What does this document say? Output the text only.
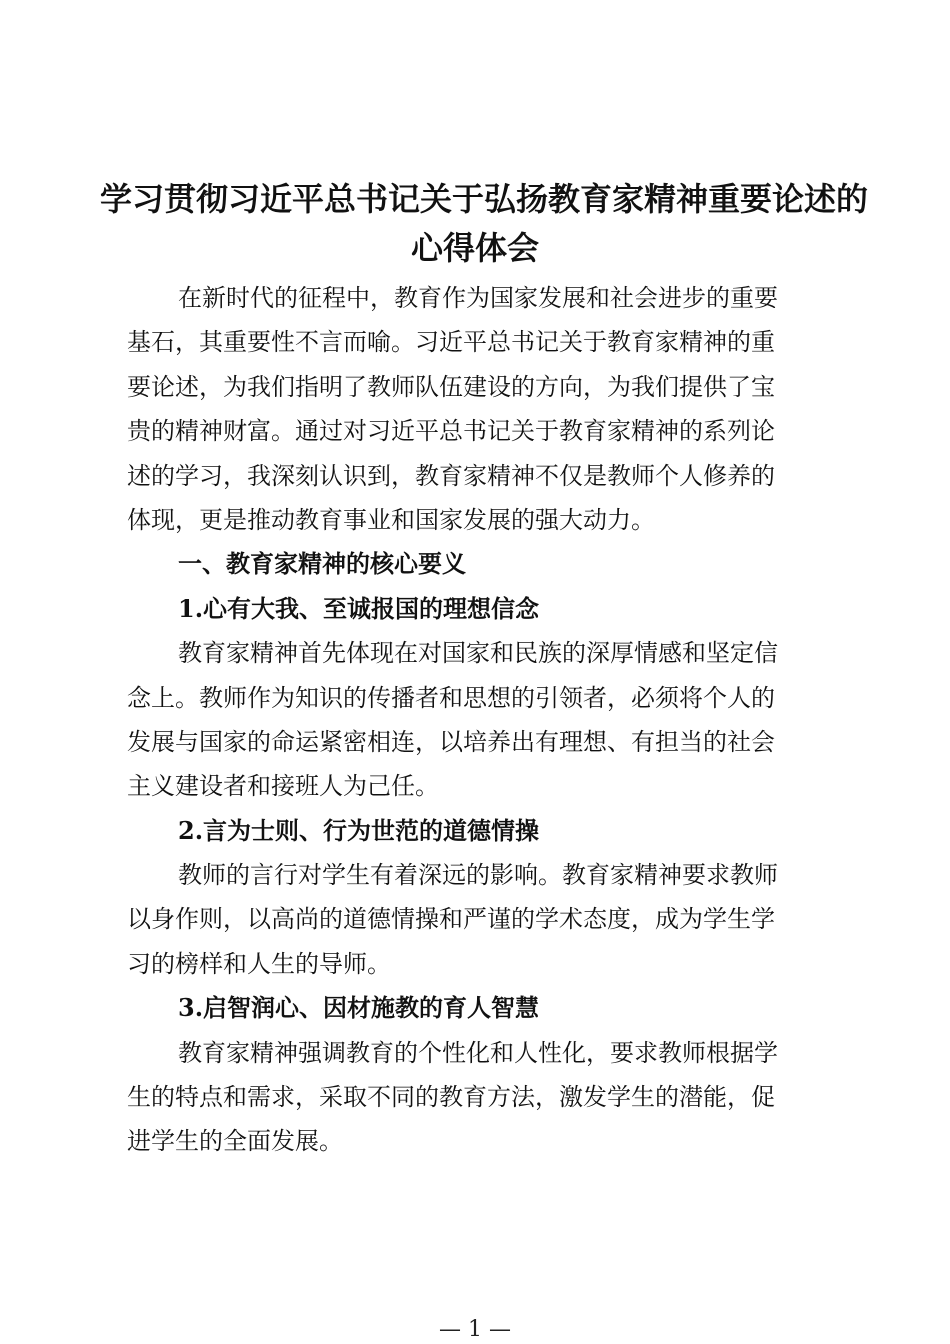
学习贯彻习近平总书记关于弘扬教育家精神重要论述的
心得体会
在新时代的征程中，教育作为国家发展和社会进步的重要
基石，其重要性不言而喻。习近平总书记关于教育家精神的重
要论述，为我们指明了教师队伍建设的方向，为我们提供了宝
贵的精神财富。通过对习近平总书记关于教育家精神的系列论
述的学习，我深刻认识到，教育家精神不仅是教师个人修养的
体现，更是推动教育事业和国家发展的强大动力。
一、教育家精神的核心要义
1.心有大我、至诚报国的理想信念
教育家精神首先体现在对国家和民族的深厚情感和坚定信
念上。教师作为知识的传播者和思想的引领者，必须将个人的
发展与国家的命运紧密相连，以培养出有理想、有担当的社会
主义建设者和接班人为己任。
2.言为士则、行为世范的道德情操
教师的言行对学生有着深远的影响。教育家精神要求教师
以身作则，以高尚的道德情操和严谨的学术态度，成为学生学
习的榜样和人生的导师。
3.启智润心、因材施教的育人智慧
教育家精神强调教育的个性化和人性化，要求教师根据学
生的特点和需求，采取不同的教育方法，激发学生的潜能，促
进学生的全面发展。
— 1 —
